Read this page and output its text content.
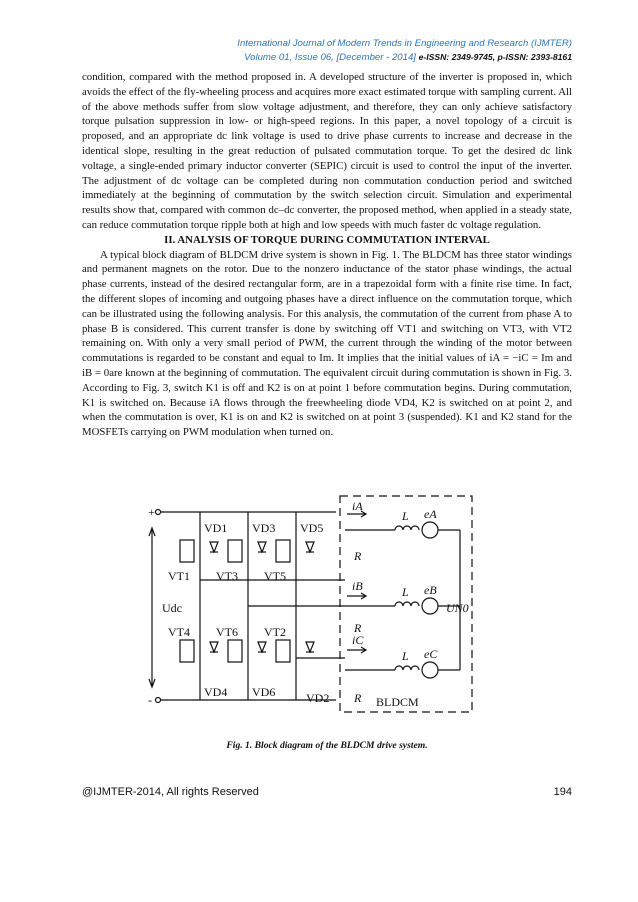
International Journal of Modern Trends in Engineering and Research (IJMTER)
Volume 01, Issue 06, [December - 2014] e-ISSN: 2349-9745, p-ISSN: 2393-8161

condition, compared with the method proposed in. A developed structure of the inverter is proposed in, which avoids the effect of the fly-wheeling process and acquires more exact estimated torque with sampling current. All of the above methods suffer from slow voltage adjustment, and therefore, they can only achieve satisfactory torque pulsation suppression in low- or high-speed regions. In this paper, a novel topology of a circuit is proposed, and an appropriate dc link voltage is used to drive phase currents to increase and decrease in the identical slope, resulting in the great reduction of pulsated commutation torque. To get the desired dc link voltage, a single-ended primary inductor converter (SEPIC) circuit is used to control the input of the inverter. The adjustment of dc voltage can be completed during non commutation conduction period and switched immediately at the beginning of commutation by the switch selection circuit. Simulation and experimental results show that, compared with common dc–dc converter, the proposed method, when applied in a steady state, can reduce commutation torque ripple both at high and low speeds with much faster dc voltage regulation.

II. ANALYSIS OF TORQUE DURING COMMUTATION INTERVAL

A typical block diagram of BLDCM drive system is shown in Fig. 1. The BLDCM has three stator windings and permanent magnets on the rotor. Due to the nonzero inductance of the stator phase windings, the actual phase currents, instead of the desired rectangular form, are in a trapezoidal form with a finite rise time. In fact, the different slopes of incoming and outgoing phases have a direct influence on the commutation torque, which can be illustrated using the following analysis. For this analysis, the commutation of the current from phase A to phase B is considered. This current transfer is done by switching off VT1 and switching on VT3, with VT2 remaining on. With only a very small period of PWM, the current through the winding of the motor between commutations is regarded to be constant and equal to Im. It implies that the initial values of iA = −iC = Im and iB = 0are known at the beginning of commutation. The equivalent circuit during commutation is shown in Fig. 3. According to Fig. 3, switch K1 is off and K2 is on at point 1 before commutation begins. During commutation, K1 is switched on. Because iA flows through the freewheeling diode VD4, K2 is switched on at point 2, and when the commutation is over, K1 is on and K2 is switched on at point 3 (suspended). K1 and K2 stand for the MOSFETs carrying on PWM modulation when turned on.

+
-
VD1 VD3 VD5
VT1 VT3 VT5
Udc
VT4 VT6 VT2
VD4 VD6	VD2
iA
iB
iC
L
L
L
R
R
R
eA
eB
eC
UN0
BLDCM
Fig. 1. Block diagram of the BLDCM drive system.
@IJMTER-2014, All rights Reserved	194
